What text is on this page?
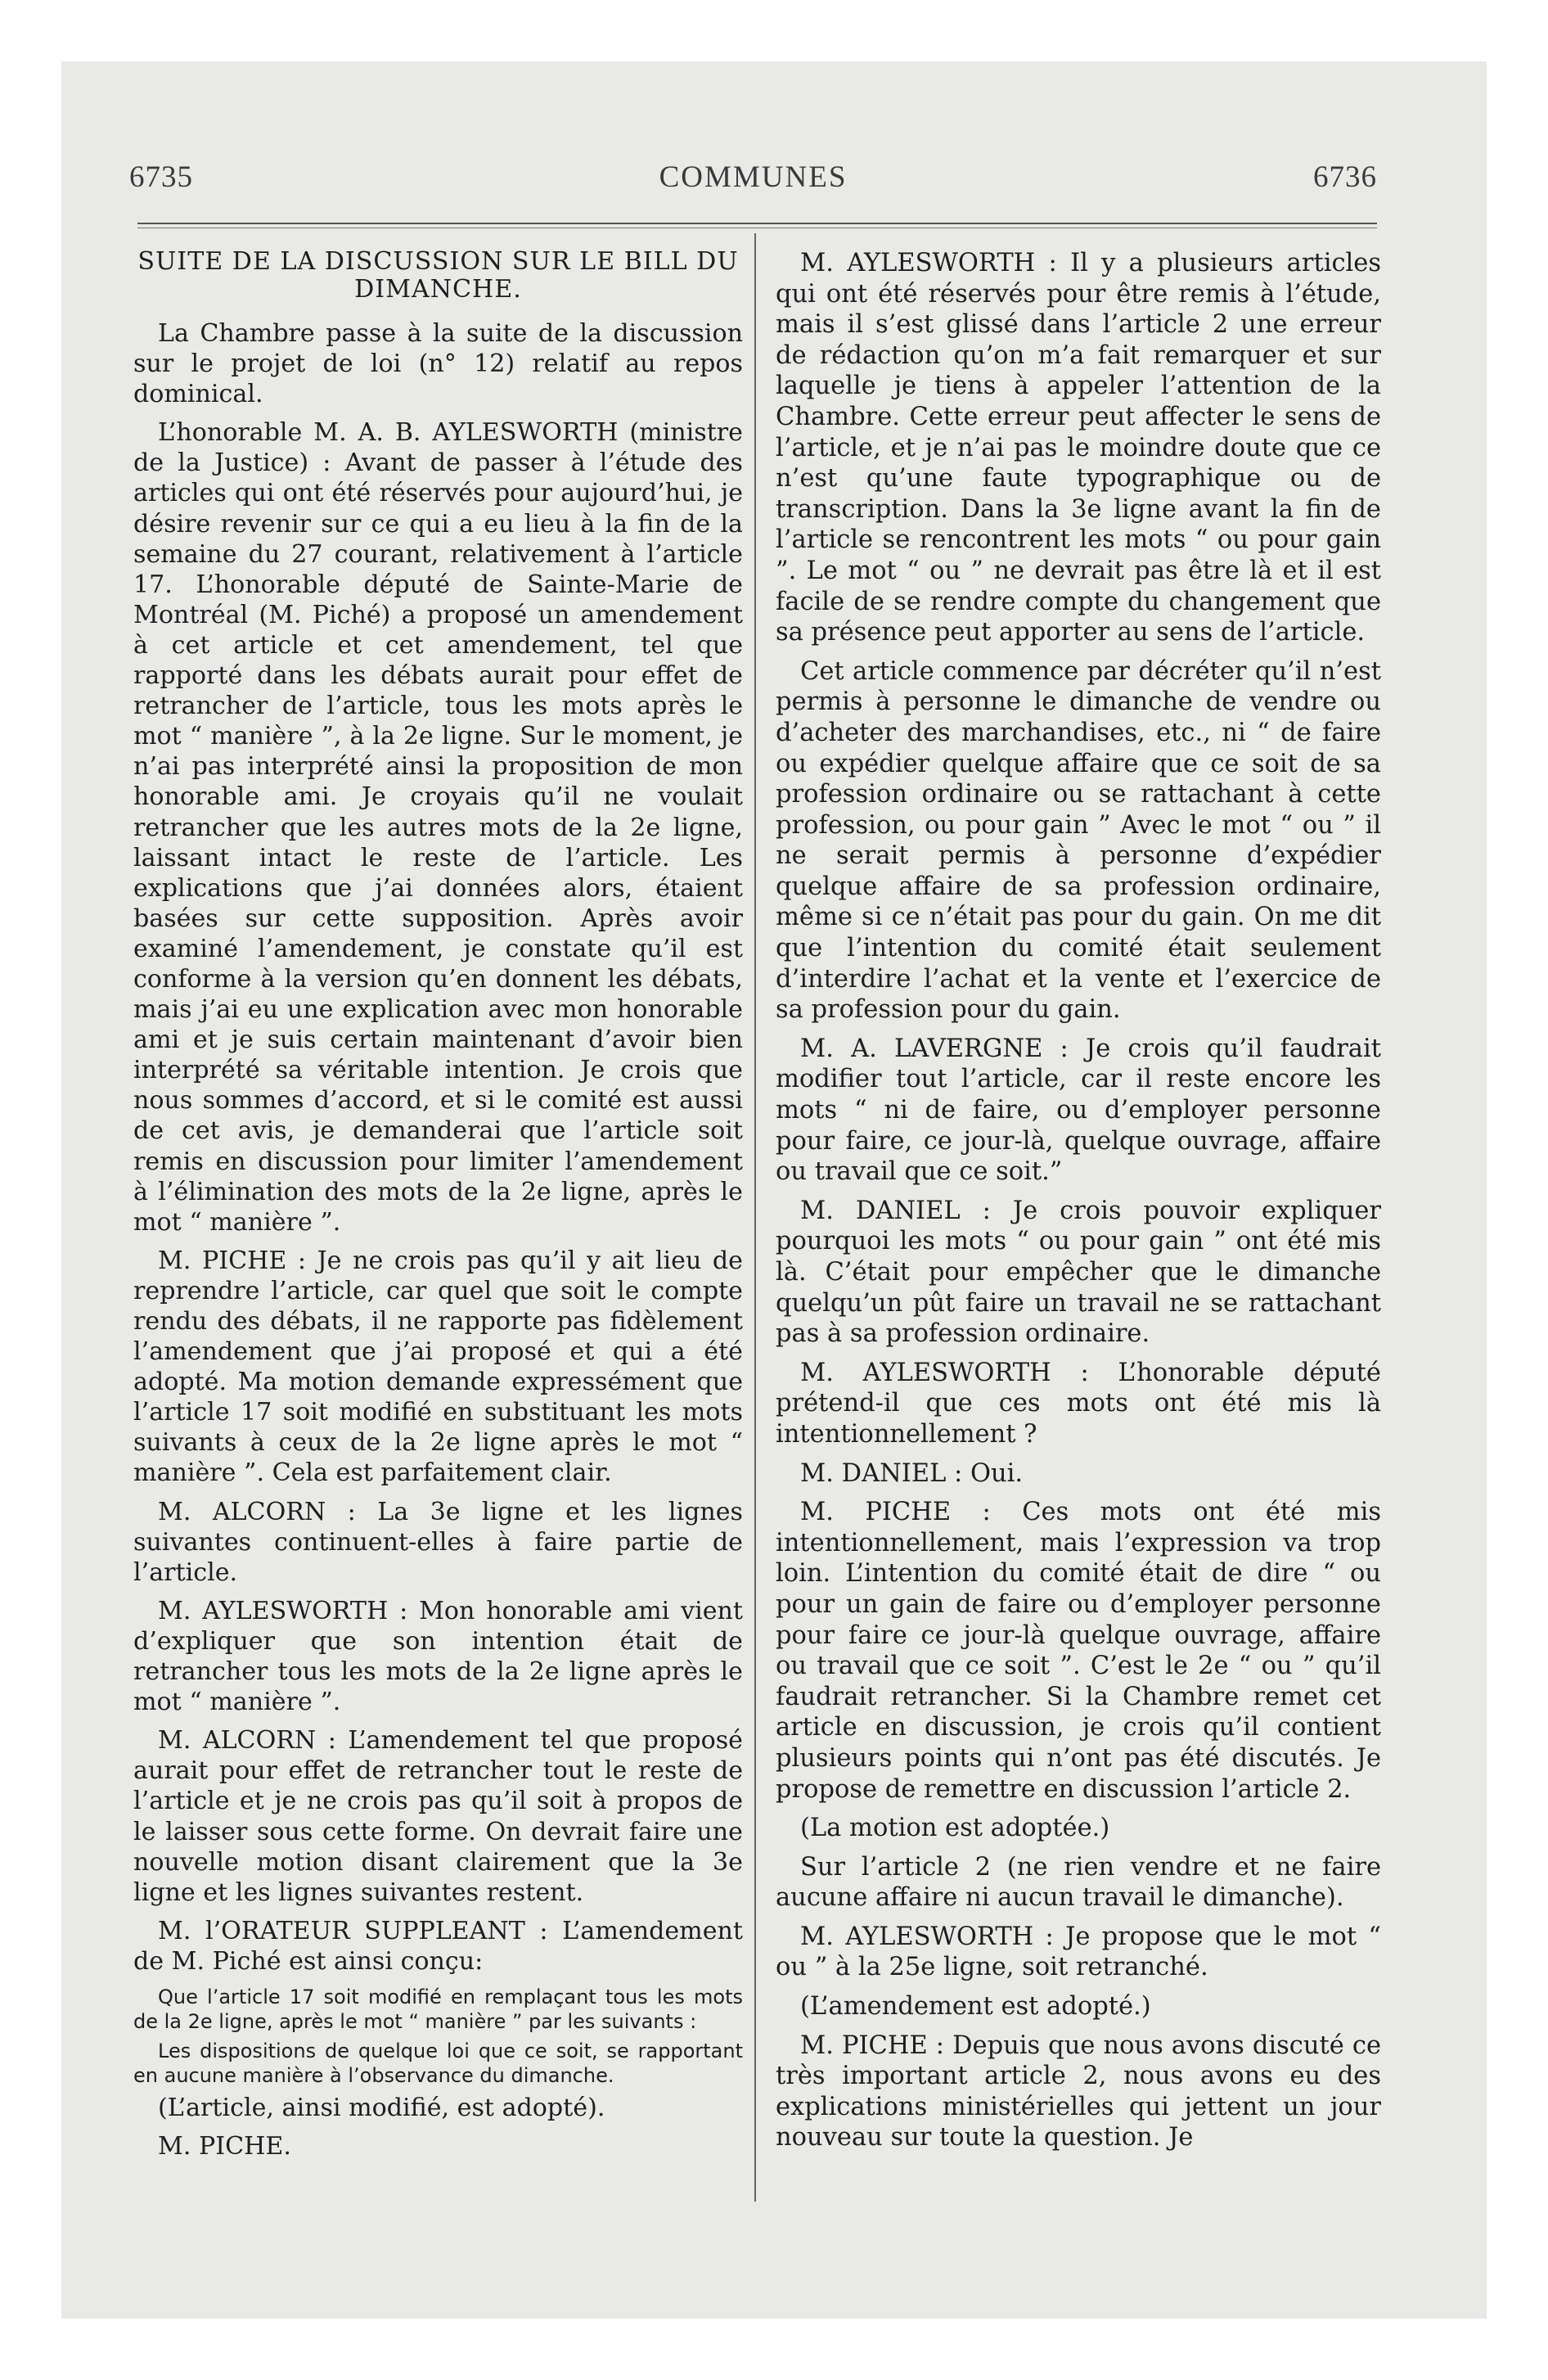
6735	COMMUNES	6736

SUITE DE LA DISCUSSION SUR LE BILL DU DIMANCHE.

La Chambre passe à la suite de la discussion sur le projet de loi (n° 12) relatif au repos dominical.

L’honorable M. A. B. AYLESWORTH (ministre de la Justice) : Avant de passer à l’étude des articles qui ont été réservés pour aujourd’hui, je désire revenir sur ce qui a eu lieu à la fin de la semaine du 27 courant, relativement à l’article 17. L’honorable député de Sainte-Marie de Montréal (M. Piché) a proposé un amendement à cet article et cet amendement, tel que rapporté dans les débats aurait pour effet de retrancher de l’article, tous les mots après le mot “ manière ”, à la 2e ligne. Sur le moment, je n’ai pas interprété ainsi la proposition de mon honorable ami. Je croyais qu’il ne voulait retrancher que les autres mots de la 2e ligne, laissant intact le reste de l’article. Les explications que j’ai données alors, étaient basées sur cette supposition. Après avoir examiné l’amendement, je constate qu’il est conforme à la version qu’en donnent les débats, mais j’ai eu une explication avec mon honorable ami et je suis certain maintenant d’avoir bien interprété sa véritable intention. Je crois que nous sommes d’accord, et si le comité est aussi de cet avis, je demanderai que l’article soit remis en discussion pour limiter l’amendement à l’élimination des mots de la 2e ligne, après le mot “ manière ”.

M. PICHE : Je ne crois pas qu’il y ait lieu de reprendre l’article, car quel que soit le compte rendu des débats, il ne rapporte pas fidèlement l’amendement que j’ai proposé et qui a été adopté. Ma motion demande expressément que l’article 17 soit modifié en substituant les mots suivants à ceux de la 2e ligne après le mot “ manière ”. Cela est parfaitement clair.

M. ALCORN : La 3e ligne et les lignes suivantes continuent-elles à faire partie de l’article.

M. AYLESWORTH : Mon honorable ami vient d’expliquer que son intention était de retrancher tous les mots de la 2e ligne après le mot “ manière ”.

M. ALCORN : L’amendement tel que proposé aurait pour effet de retrancher tout le reste de l’article et je ne crois pas qu’il soit à propos de le laisser sous cette forme. On devrait faire une nouvelle motion disant clairement que la 3e ligne et les lignes suivantes restent.

M. l’ORATEUR SUPPLEANT : L’amendement de M. Piché est ainsi conçu:

Que l’article 17 soit modifié en remplaçant tous les mots de la 2e ligne, après le mot “ manière ” par les suivants :

Les dispositions de quelque loi que ce soit, se rapportant en aucune manière à l’observance du dimanche.

(L’article, ainsi modifié, est adopté).

M. PICHE.

M. AYLESWORTH : Il y a plusieurs articles qui ont été réservés pour être remis à l’étude, mais il s’est glissé dans l’article 2 une erreur de rédaction qu’on m’a fait remarquer et sur laquelle je tiens à appeler l’attention de la Chambre. Cette erreur peut affecter le sens de l’article, et je n’ai pas le moindre doute que ce n’est qu’une faute typographique ou de transcription. Dans la 3e ligne avant la fin de l’article se rencontrent les mots “ ou pour gain ”. Le mot “ ou ” ne devrait pas être là et il est facile de se rendre compte du changement que sa présence peut apporter au sens de l’article.

Cet article commence par décréter qu’il n’est permis à personne le dimanche de vendre ou d’acheter des marchandises, etc., ni “ de faire ou expédier quelque affaire que ce soit de sa profession ordinaire ou se rattachant à cette profession, ou pour gain ” Avec le mot “ ou ” il ne serait permis à personne d’expédier quelque affaire de sa profession ordinaire, même si ce n’était pas pour du gain. On me dit que l’intention du comité était seulement d’interdire l’achat et la vente et l’exercice de sa profession pour du gain.

M. A. LAVERGNE : Je crois qu’il faudrait modifier tout l’article, car il reste encore les mots “ ni de faire, ou d’employer personne pour faire, ce jour-là, quelque ouvrage, affaire ou travail que ce soit.”

M. DANIEL : Je crois pouvoir expliquer pourquoi les mots “ ou pour gain ” ont été mis là. C’était pour empêcher que le dimanche quelqu’un pût faire un travail ne se rattachant pas à sa profession ordinaire.

M. AYLESWORTH : L’honorable député prétend-il que ces mots ont été mis là intentionnellement ?

M. DANIEL : Oui.

M. PICHE : Ces mots ont été mis intentionnellement, mais l’expression va trop loin. L’intention du comité était de dire “ ou pour un gain de faire ou d’employer personne pour faire ce jour-là quelque ouvrage, affaire ou travail que ce soit ”. C’est le 2e “ ou ” qu’il faudrait retrancher. Si la Chambre remet cet article en discussion, je crois qu’il contient plusieurs points qui n’ont pas été discutés. Je propose de remettre en discussion l’article 2.

(La motion est adoptée.)

Sur l’article 2 (ne rien vendre et ne faire aucune affaire ni aucun travail le dimanche).

M. AYLESWORTH : Je propose que le mot “ ou ” à la 25e ligne, soit retranché.

(L’amendement est adopté.)

M. PICHE : Depuis que nous avons discuté ce très important article 2, nous avons eu des explications ministérielles qui jettent un jour nouveau sur toute la question. Je
